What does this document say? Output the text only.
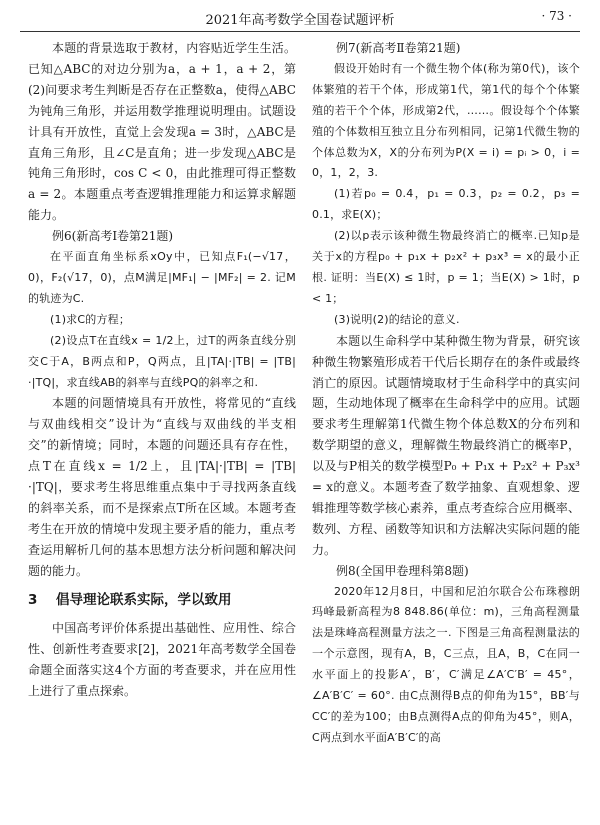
2021年高考数学全国卷试题评析	· 73 ·

本题的背景选取于教材，内容贴近学生生活。已知△ABC的对边分别为a，a + 1，a + 2，第(2)问要求考生判断是否存在正整数a，使得△ABC为钝角三角形，并运用数学推理说明理由。试题设计具有开放性，直觉上会发现a = 3时，△ABC是直角三角形，且∠C是直角；进一步发现△ABC是钝角三角形时，cos C < 0，由此推理可得正整数a = 2。本题重点考查逻辑推理能力和运算求解题能力。

例6(新高考Ⅰ卷第21题)

在平面直角坐标系xOy中，已知点F₁(−√17，0)，F₂(√17，0)，点M满足|MF₁| − |MF₂| = 2. 记M的轨迹为C.

(1)求C的方程；

(2)设点T在直线x = 1/2上，过T的两条直线分别交C于A，B两点和P，Q两点，且|TA|·|TB| = |TB|·|TQ|，求直线AB的斜率与直线PQ的斜率之和.

本题的问题情境具有开放性，将常见的“直线与双曲线相交”设计为“直线与双曲线的半支相交”的新情境；同时，本题的问题还具有存在性，点T在直线x = 1/2上，且|TA|·|TB| = |TB|·|TQ|，要求考生将思维重点集中于寻找两条直线的斜率关系，而不是探索点T所在区域。本题考查考生在开放的情境中发现主要矛盾的能力，重点考查运用解析几何的基本思想方法分析问题和解决问题的能力。

3 倡导理论联系实际，学以致用

中国高考评价体系提出基础性、应用性、综合性、创新性考查要求[2]，2021年高考数学全国卷命题全面落实这4个方面的考查要求，并在应用性上进行了重点探索。

例7(新高考Ⅱ卷第21题)

假设开始时有一个微生物个体(称为第0代)，该个体繁殖的若干个体，形成第1代，第1代的每个个体繁殖的若干个个体，形成第2代，……。假设每个个体繁殖的个体数相互独立且分布列相同，记第1代微生物的个体总数为X，X的分布列为P(X = i) = pᵢ > 0，i = 0，1，2，3.

(1)若p₀ = 0.4，p₁ = 0.3，p₂ = 0.2，p₃ = 0.1，求E(X)；

(2)以p表示该种微生物最终消亡的概率.已知p是关于x的方程p₀ + p₁x + p₂x² + p₃x³ = x的最小正根. 证明：当E(X) ≤ 1时，p = 1；当E(X) > 1时，p < 1；

(3)说明(2)的结论的意义.

本题以生命科学中某种微生物为背景，研究该种微生物繁殖形成若干代后长期存在的条件或最终消亡的原因。试题情境取材于生命科学中的真实问题，生动地体现了概率在生命科学中的应用。试题要求考生理解第1代微生物个体总数X的分布列和数学期望的意义，理解微生物最终消亡的概率P，以及与P相关的数学模型P₀ + P₁x + P₂x² + P₃x³ = x的意义。本题考查了数学抽象、直观想象、逻辑推理等数学核心素养，重点考查综合应用概率、数列、方程、函数等知识和方法解决实际问题的能力。

例8(全国甲卷理科第8题)

2020年12月8日，中国和尼泊尔联合公布珠穆朗玛峰最新高程为8 848.86(单位：m)，三角高程测量法是珠峰高程测量方法之一. 下图是三角高程测量法的一个示意图，现有A，B，C三点，且A，B，C在同一水平面上的投影A′，B′，C′满足∠A′C′B′ = 45°，∠A′B′C′ = 60°. 由C点测得B点的仰角为15°，BB′与CC′的差为100；由B点测得A点的仰角为45°，则A，C两点到水平面A′B′C′的高
